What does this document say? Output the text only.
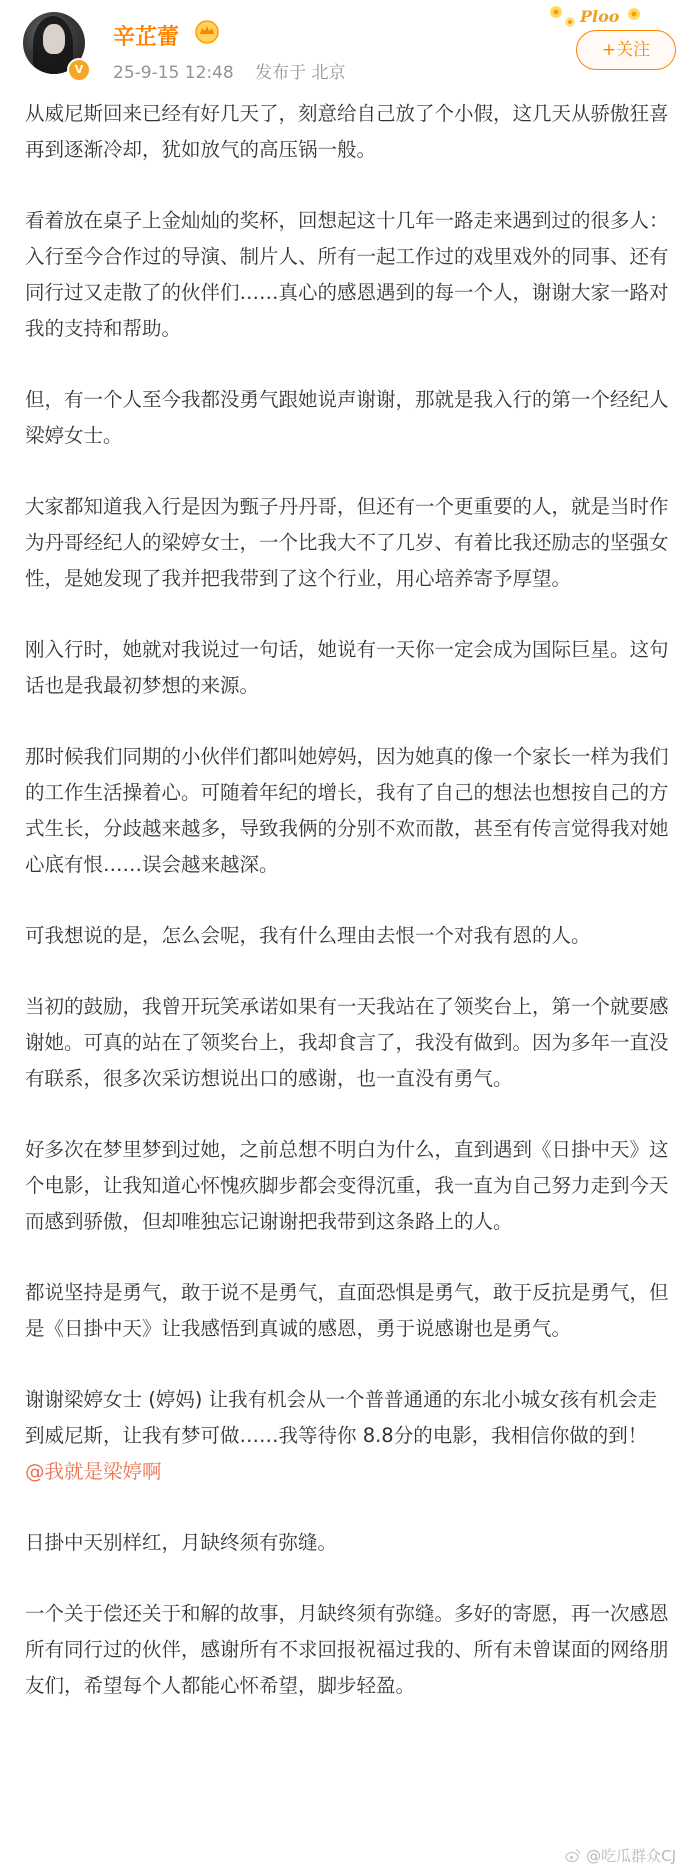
V
辛芷蕾
25-9-15 12:48 发布于 北京
Ploo
+关注

从威尼斯回来已经有好几天了，刻意给自己放了个小假，这几天从骄傲狂喜再到逐渐冷却，犹如放气的高压锅一般。

看着放在桌子上金灿灿的奖杯，回想起这十几年一路走来遇到过的很多人：入行至今合作过的导演、制片人、所有一起工作过的戏里戏外的同事、还有同行过又走散了的伙伴们……真心的感恩遇到的每一个人，谢谢大家一路对我的支持和帮助。

但，有一个人至今我都没勇气跟她说声谢谢，那就是我入行的第一个经纪人梁婷女士。

大家都知道我入行是因为甄子丹丹哥，但还有一个更重要的人，就是当时作为丹哥经纪人的梁婷女士，一个比我大不了几岁、有着比我还励志的坚强女性，是她发现了我并把我带到了这个行业，用心培养寄予厚望。

刚入行时，她就对我说过一句话，她说有一天你一定会成为国际巨星。这句话也是我最初梦想的来源。

那时候我们同期的小伙伴们都叫她婷妈，因为她真的像一个家长一样为我们的工作生活操着心。可随着年纪的增长，我有了自己的想法也想按自己的方式生长，分歧越来越多，导致我俩的分别不欢而散，甚至有传言觉得我对她心底有恨……误会越来越深。

可我想说的是，怎么会呢，我有什么理由去恨一个对我有恩的人。

当初的鼓励，我曾开玩笑承诺如果有一天我站在了领奖台上，第一个就要感谢她。可真的站在了领奖台上，我却食言了，我没有做到。因为多年一直没有联系，很多次采访想说出口的感谢，也一直没有勇气。

好多次在梦里梦到过她，之前总想不明白为什么，直到遇到《日掛中天》这个电影，让我知道心怀愧疚脚步都会变得沉重，我一直为自己努力走到今天而感到骄傲，但却唯独忘记谢谢把我带到这条路上的人。

都说坚持是勇气，敢于说不是勇气，直面恐惧是勇气，敢于反抗是勇气，但是《日掛中天》让我感悟到真诚的感恩，勇于说感谢也是勇气。

谢谢梁婷女士 (婷妈) 让我有机会从一个普普通通的东北小城女孩有机会走到威尼斯，让我有梦可做……我等待你 8.8分的电影，我相信你做的到！

@我就是梁婷啊

日掛中天别样红，月缺终须有弥缝。

一个关于偿还关于和解的故事，月缺终须有弥缝。多好的寄愿，再一次感恩所有同行过的伙伴，感谢所有不求回报祝福过我的、所有未曾谋面的网络朋友们，希望每个人都能心怀希望，脚步轻盈。

@吃瓜群众CJ
